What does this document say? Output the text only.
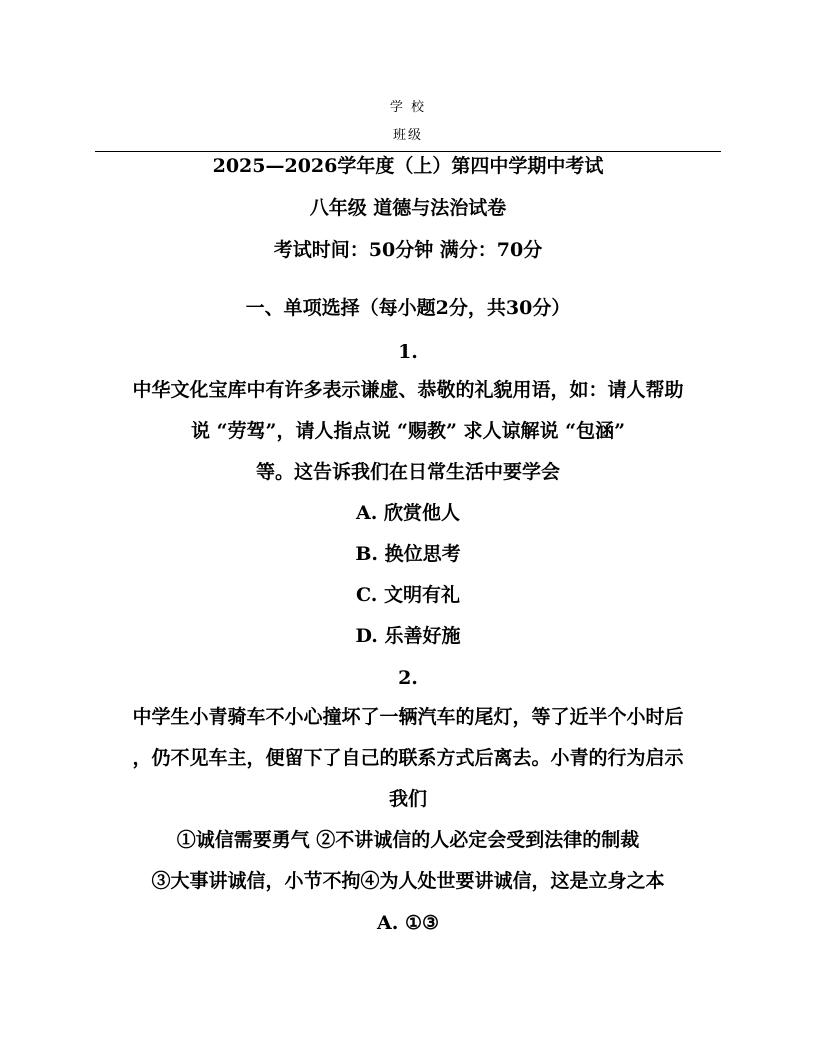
学 校
班级
2025—2026学年度（上）第四中学期中考试
八年级 道德与法治试卷
考试时间：50分钟 满分：70分
一、单项选择（每小题2分，共30分）
1.
中华文化宝库中有许多表示谦虚、恭敬的礼貌用语，如：请人帮助
说 “劳驾”，请人指点说 “赐教” 求人谅解说 “包涵”
等。这告诉我们在日常生活中要学会
A. 欣赏他人
B. 换位思考
C. 文明有礼
D. 乐善好施
2.
中学生小青骑车不小心撞坏了一辆汽车的尾灯，等了近半个小时后
，仍不见车主，便留下了自己的联系方式后离去。小青的行为启示
我们
①诚信需要勇气 ②不讲诚信的人必定会受到法律的制裁
③大事讲诚信，小节不拘④为人处世要讲诚信，这是立身之本
A. ①③
